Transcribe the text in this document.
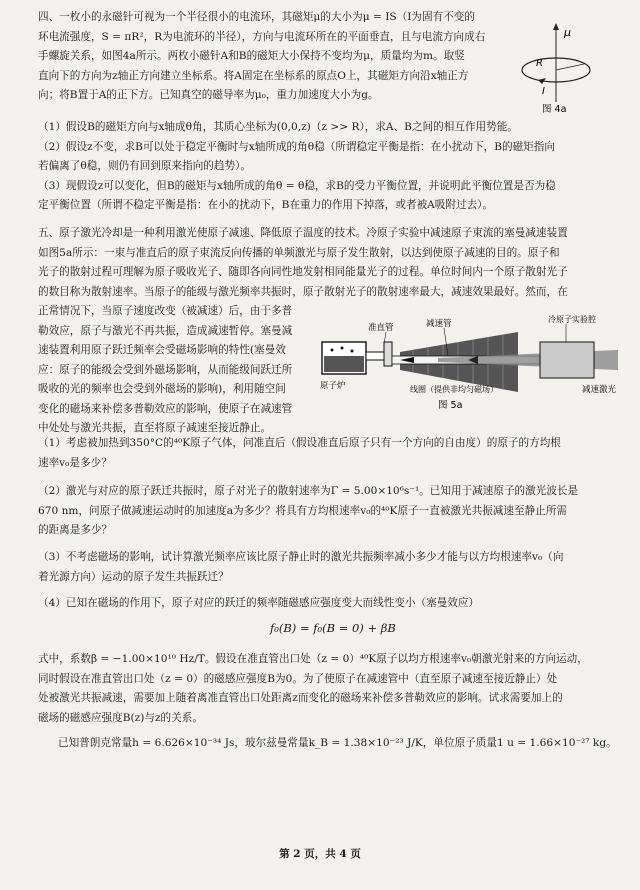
四、一枚小的永磁针可视为一个半径很小的电流环，其磁矩μ的大小为μ = IS（I为固有不变的
环电流强度，S = πR²，R为电流环的半径），方向与电流环所在的平面垂直，且与电流方向成右
手螺旋关系，如图4a所示。两枚小磁针A和B的磁矩大小保持不变均为μ，质量均为m。取竖
直向下的方向为z轴正方向建立坐标系。将A固定在坐标系的原点O上，其磁矩方向沿x轴正方
向；将B置于A的正下方。已知真空的磁导率为μ₀，重力加速度大小为g。
μ
R
I
图 4a
（1）假设B的磁矩方向与x轴成θ角，其质心坐标为(0,0,z)（z >> R），求A、B之间的相互作用势能。
（2）假设z不变，求B可以处于稳定平衡时与x轴所成的角θ稳（所谓稳定平衡是指：在小扰动下，B的磁矩指向
若偏离了θ稳，则仍有回到原来指向的趋势）。
（3）现假设z可以变化，但B的磁矩与x轴所成的角θ = θ稳，求B的受力平衡位置，并说明此平衡位置是否为稳
定平衡位置（所谓不稳定平衡是指：在小的扰动下，B在重力的作用下掉落，或者被A吸附过去）。
五、原子激光冷却是一种利用激光使原子减速、降低原子温度的技术。冷原子实验中减速原子束流的塞曼减速装置
如图5a所示：一束与准直后的原子束流反向传播的单频激光与原子发生散射，以达到使原子减速的目的。原子和
光子的散射过程可理解为原子吸收光子、随即各向同性地发射相同能量光子的过程。单位时间内一个原子散射光子
的数目称为散射速率。当原子的能级与激光频率共振时，原子散射光子的散射速率最大，减速效果最好。然而，在
正常情况下，当原子速度改变（被减速）后，由于多普
勒效应，原子与激光不再共振，造成减速暂停。塞曼减
速装置利用原子跃迁频率会受磁场影响的特性(塞曼效
应：原子的能级会受到外磁场影响，从而能级间跃迁所
吸收的光的频率也会受到外磁场的影响)，利用随空间
变化的磁场来补偿多普勒效应的影响，使原子在减速管
中处处与激光共振，直至将原子减速至接近静止。
原子炉
准直管	减速管	冷原子实验腔
减速激光
线圈（提供非均匀磁场）
图 5a
（1）考虑被加热到350°C的⁴⁰K原子气体，问准直后（假设准直后原子只有一个方向的自由度）的原子的方均根
速率v₀是多少？
（2）激光与对应的原子跃迁共振时，原子对光子的散射速率为Γ = 5.00×10⁶s⁻¹。已知用于减速原子的激光波长是
670 nm，问原子做减速运动时的加速度a为多少？将具有方均根速率v₀的⁴⁰K原子一直被激光共振减速至静止所需
的距离是多少？
（3）不考虑磁场的影响，试计算激光频率应该比原子静止时的激光共振频率减小多少才能与以方均根速率v₀（向
着光源方向）运动的原子发生共振跃迁？
（4）已知在磁场的作用下，原子对应的跃迁的频率随磁感应强度变大而线性变小（塞曼效应）
f₀(B) = f₀(B = 0) + βB
式中，系数β = −1.00×10¹⁰ Hz/T。假设在准直管出口处（z = 0）⁴⁰K原子以均方根速率v₀朝激光射来的方向运动，
同时假设在准直管出口处（z = 0）的磁感应强度B为0。为了使原子在减速管中（直至原子减速至接近静止）处
处被激光共振减速，需要加上随着离准直管出口处距离z而变化的磁场来补偿多普勒效应的影响。试求需要加上的
磁场的磁感应强度B(z)与z的关系。
已知普朗克常量h = 6.626×10⁻³⁴ Js，玻尔兹曼常量k_B = 1.38×10⁻²³ J/K，单位原子质量1 u = 1.66×10⁻²⁷ kg。
第 2 页，共 4 页
